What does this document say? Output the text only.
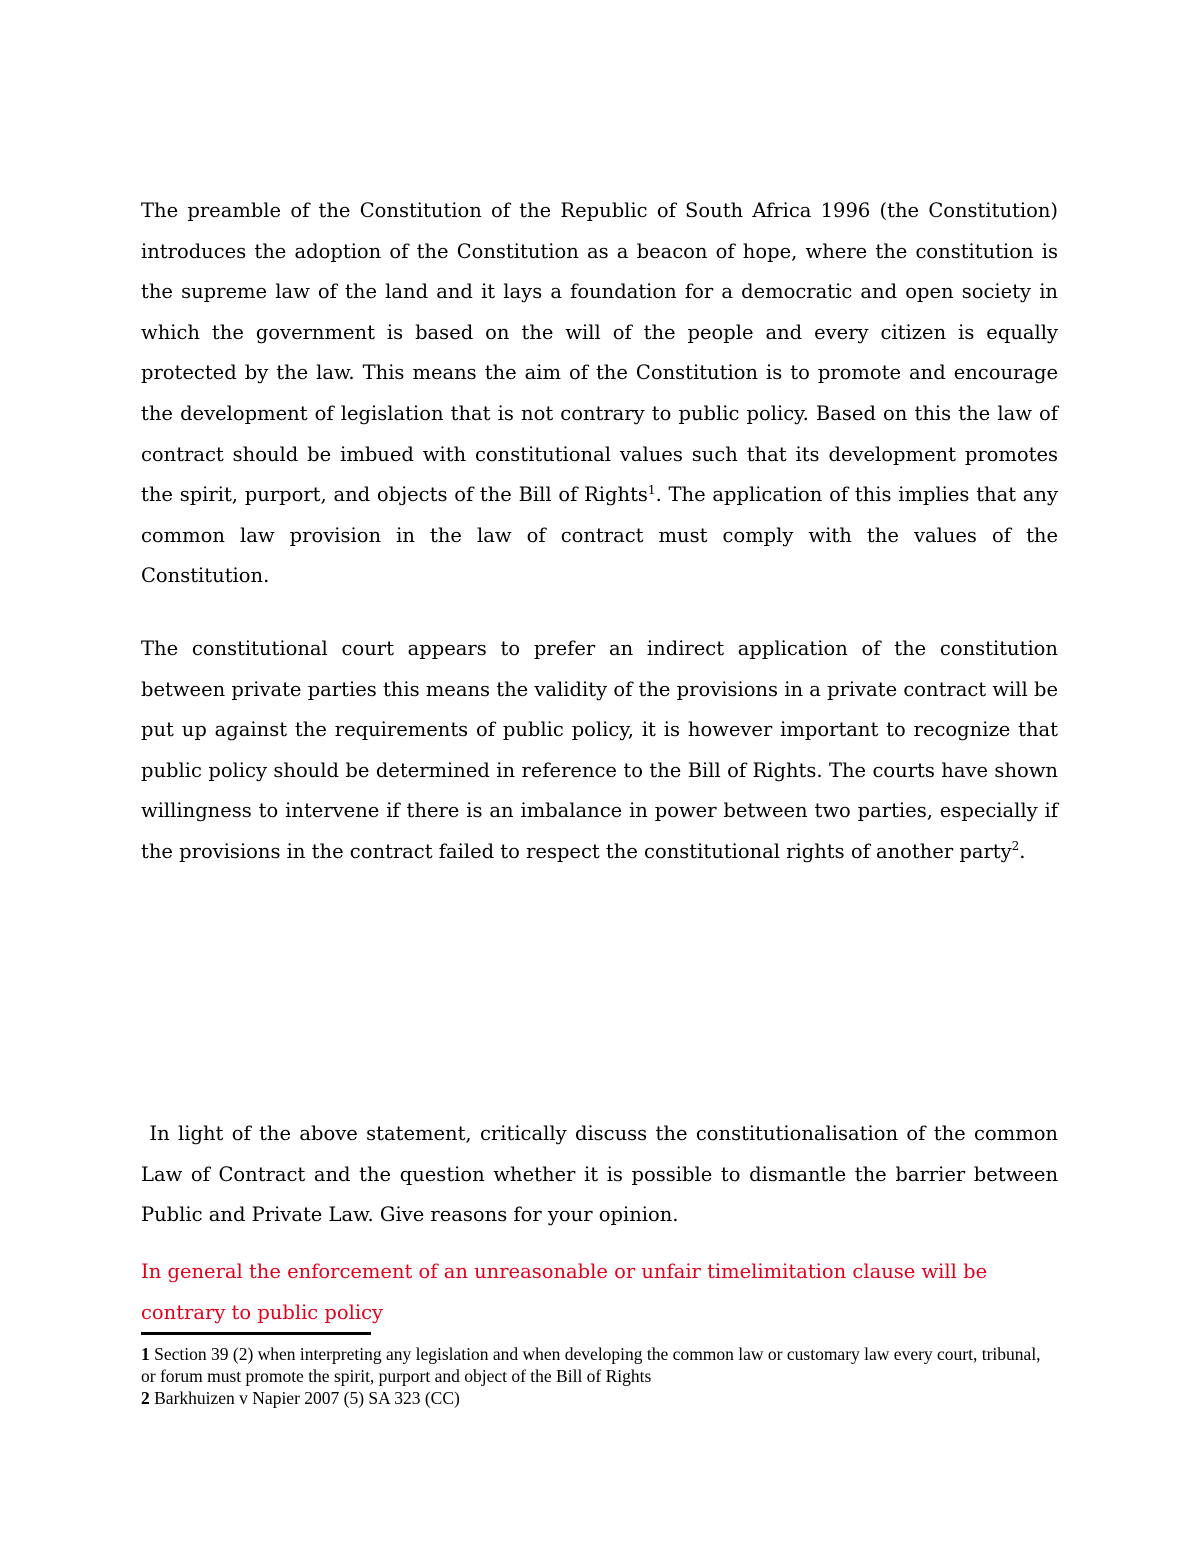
The preamble of the Constitution of the Republic of South Africa 1996 (the Constitution) introduces the adoption of the Constitution as a beacon of hope, where the constitution is the supreme law of the land and it lays a foundation for a democratic and open society in which the government is based on the will of the people and every citizen is equally protected by the law. This means the aim of the Constitution is to promote and encourage the development of legislation that is not contrary to public policy. Based on this the law of contract should be imbued with constitutional values such that its development promotes the spirit, purport, and objects of the Bill of Rights$^1$. The application of this implies that any common law provision in the law of contract must comply with the values of the Constitution.

The constitutional court appears to prefer an indirect application of the constitution between private parties this means the validity of the provisions in a private contract will be put up against the requirements of public policy, it is however important to recognize that public policy should be determined in reference to the Bill of Rights. The courts have shown willingness to intervene if there is an imbalance in power between two parties, especially if the provisions in the contract failed to respect the constitutional rights of another party$^2$.

In light of the above statement, critically discuss the constitutionalisation of the common Law of Contract and the question whether it is possible to dismantle the barrier between Public and Private Law. Give reasons for your opinion.

In general the enforcement of an unreasonable or unfair timelimitation clause will be contrary to public policy

1 Section 39 (2) when interpreting any legislation and when developing the common law or customary law every court, tribunal, or forum must promote the spirit, purport and object of the Bill of Rights

2 Barkhuizen v Napier 2007 (5) SA 323 (CC)
